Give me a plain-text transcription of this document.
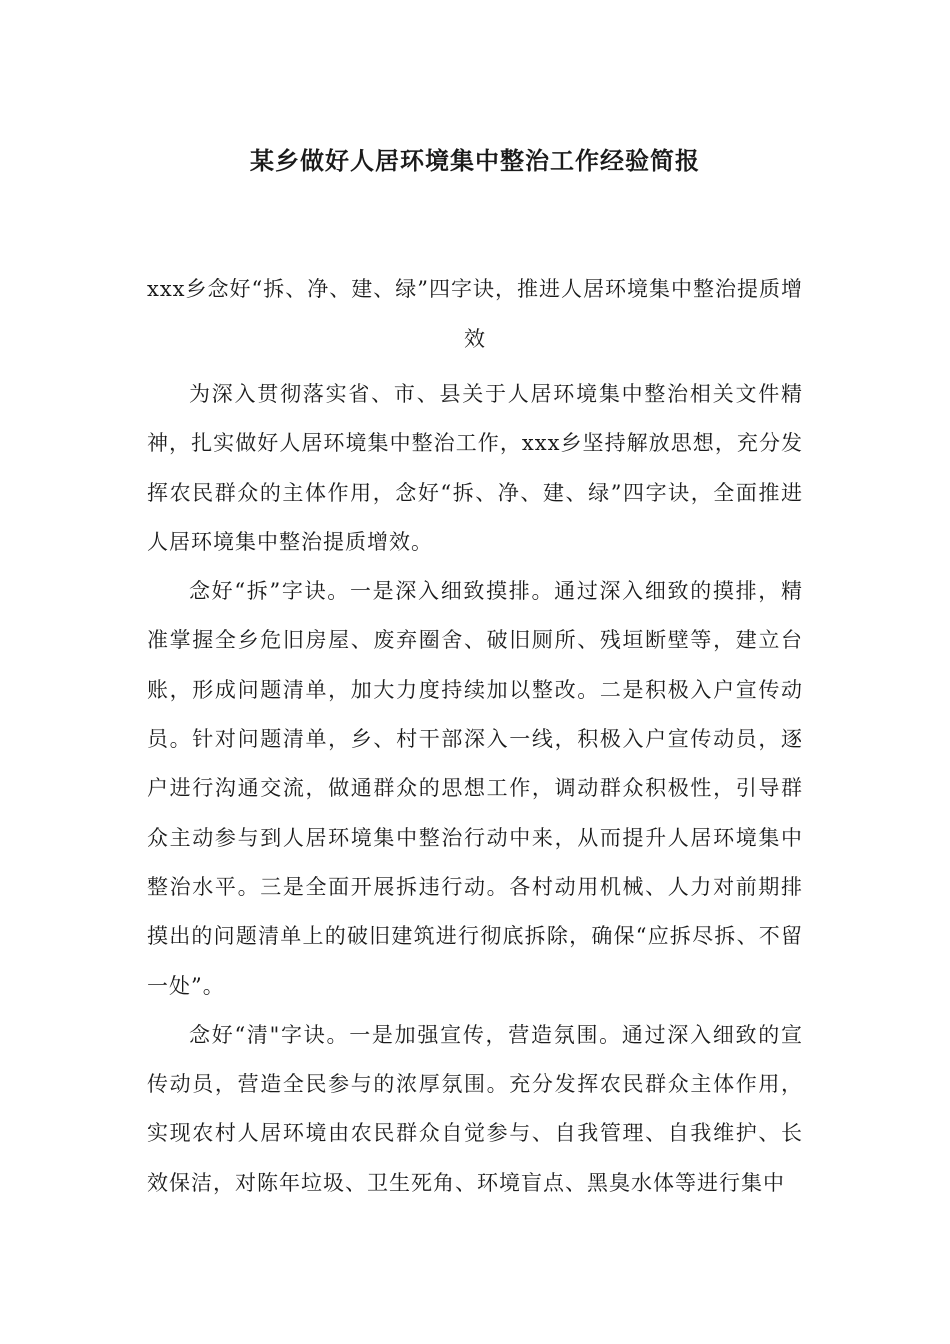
某乡做好人居环境集中整治工作经验简报

xxx乡念好“拆、净、建、绿”四字诀，推进人居环境集中整治提质增效

为深入贯彻落实省、市、县关于人居环境集中整治相关文件精神，扎实做好人居环境集中整治工作，xxx乡坚持解放思想，充分发挥农民群众的主体作用，念好“拆、净、建、绿”四字诀，全面推进人居环境集中整治提质增效。

念好“拆”字诀。一是深入细致摸排。通过深入细致的摸排，精准掌握全乡危旧房屋、废弃圈舍、破旧厕所、残垣断壁等，建立台账，形成问题清单，加大力度持续加以整改。二是积极入户宣传动员。针对问题清单，乡、村干部深入一线，积极入户宣传动员，逐户进行沟通交流，做通群众的思想工作，调动群众积极性，引导群众主动参与到人居环境集中整治行动中来，从而提升人居环境集中整治水平。三是全面开展拆违行动。各村动用机械、人力对前期排摸出的问题清单上的破旧建筑进行彻底拆除，确保“应拆尽拆、不留一处”。

念好“清"字诀。一是加强宣传，营造氛围。通过深入细致的宣传动员，营造全民参与的浓厚氛围。充分发挥农民群众主体作用，实现农村人居环境由农民群众自觉参与、自我管理、自我维护、长效保洁，对陈年垃圾、卫生死角、环境盲点、黑臭水体等进行集中
